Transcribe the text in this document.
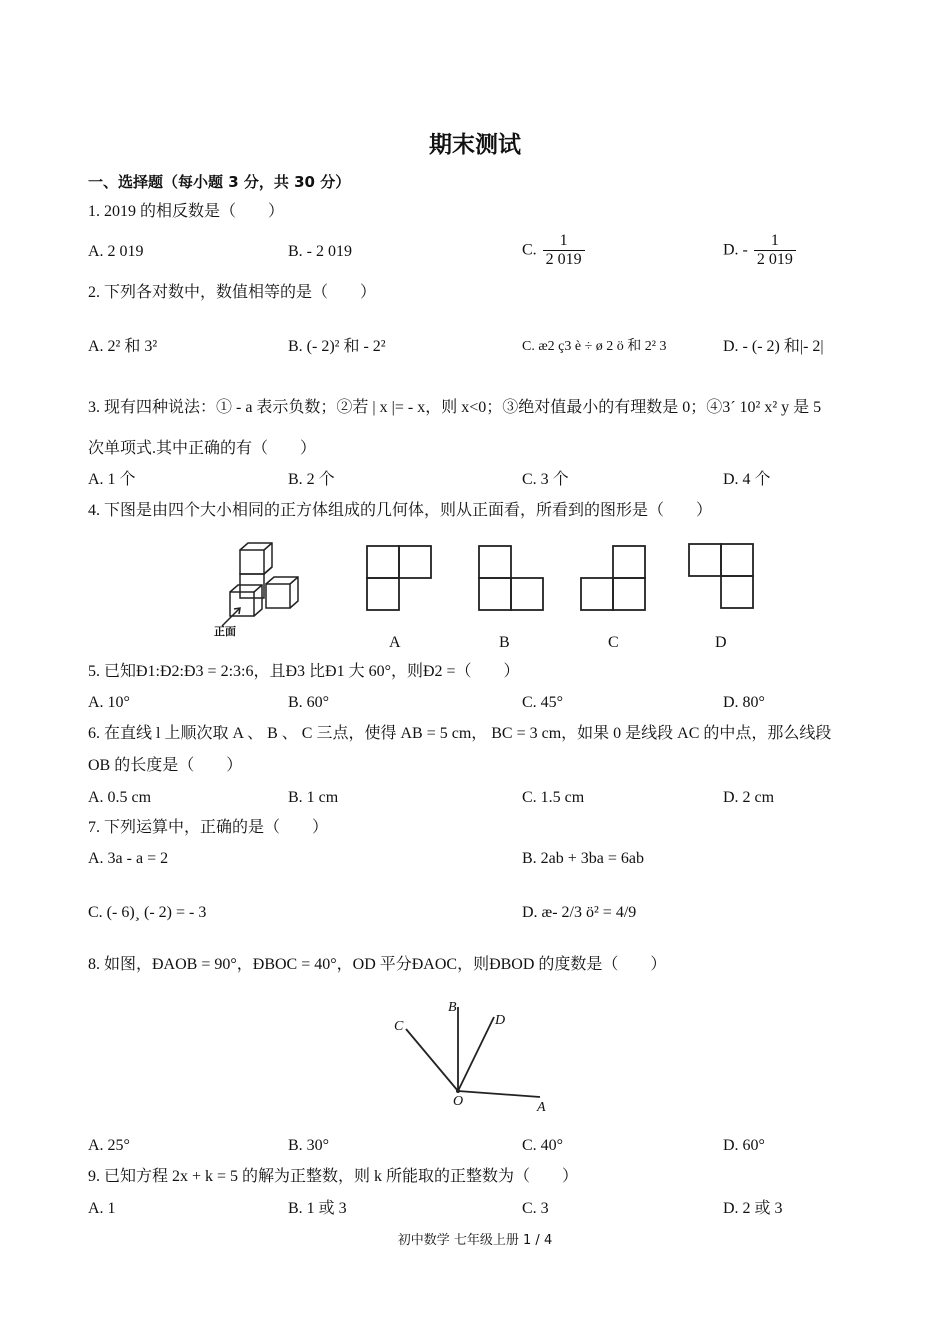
期末测试
一、选择题（每小题 3 分，共 30 分）
1. 2019 的相反数是（　　）
A. 2 019	B. - 2 019	C. $\frac{1}{2 019}$	D. - $\frac{1}{2 019}$
2. 下列各对数中，数值相等的是（　　）
A. 2² 和 3²	B. (- 2)² 和 - 2²	C. æ2 ç3 è ÷ ø 2 ö 和 2² 3	D. - (- 2) 和|- 2|
3. 现有四种说法：① - a 表示负数；②若 | x |= - x，则 x<0；③绝对值最小的有理数是 0；④3´ 10² x² y 是 5
次单项式.其中正确的有（　　）
A. 1 个	B. 2 个	C. 3 个	D. 4 个
4. 下图是由四个大小相同的正方体组成的几何体，则从正面看，所看到的图形是（　　）
正面
A	B	C	D
5. 已知Ð1:Ð2:Ð3 = 2:3:6，且Ð3 比Ð1 大 60°，则Ð2 =（　　）
A. 10°	B. 60°	C. 45°	D. 80°
6. 在直线 l 上顺次取 A 、 B 、 C 三点，使得 AB = 5 cm， BC = 3 cm，如果 0 是线段 AC 的中点，那么线段
OB 的长度是（　　）
A. 0.5 cm	B. 1 cm	C. 1.5 cm	D. 2 cm
7. 下列运算中，正确的是（　　）
A. 3a - a = 2	B. 2ab + 3ba = 6ab
C. (- 6)¸ (- 2) = - 3	D. æ- 2/3 ö² = 4/9
8. 如图，ÐAOB = 90°，ÐBOC = 40°，OD 平分ÐAOC，则ÐBOD 的度数是（　　）
B
C	D
O	A
A. 25°	B. 30°	C. 40°	D. 60°
9. 已知方程 2x + k = 5 的解为正整数，则 k 所能取的正整数为（　　）
A. 1	B. 1 或 3	C. 3	D. 2 或 3
初中数学 七年级上册 1 / 4
